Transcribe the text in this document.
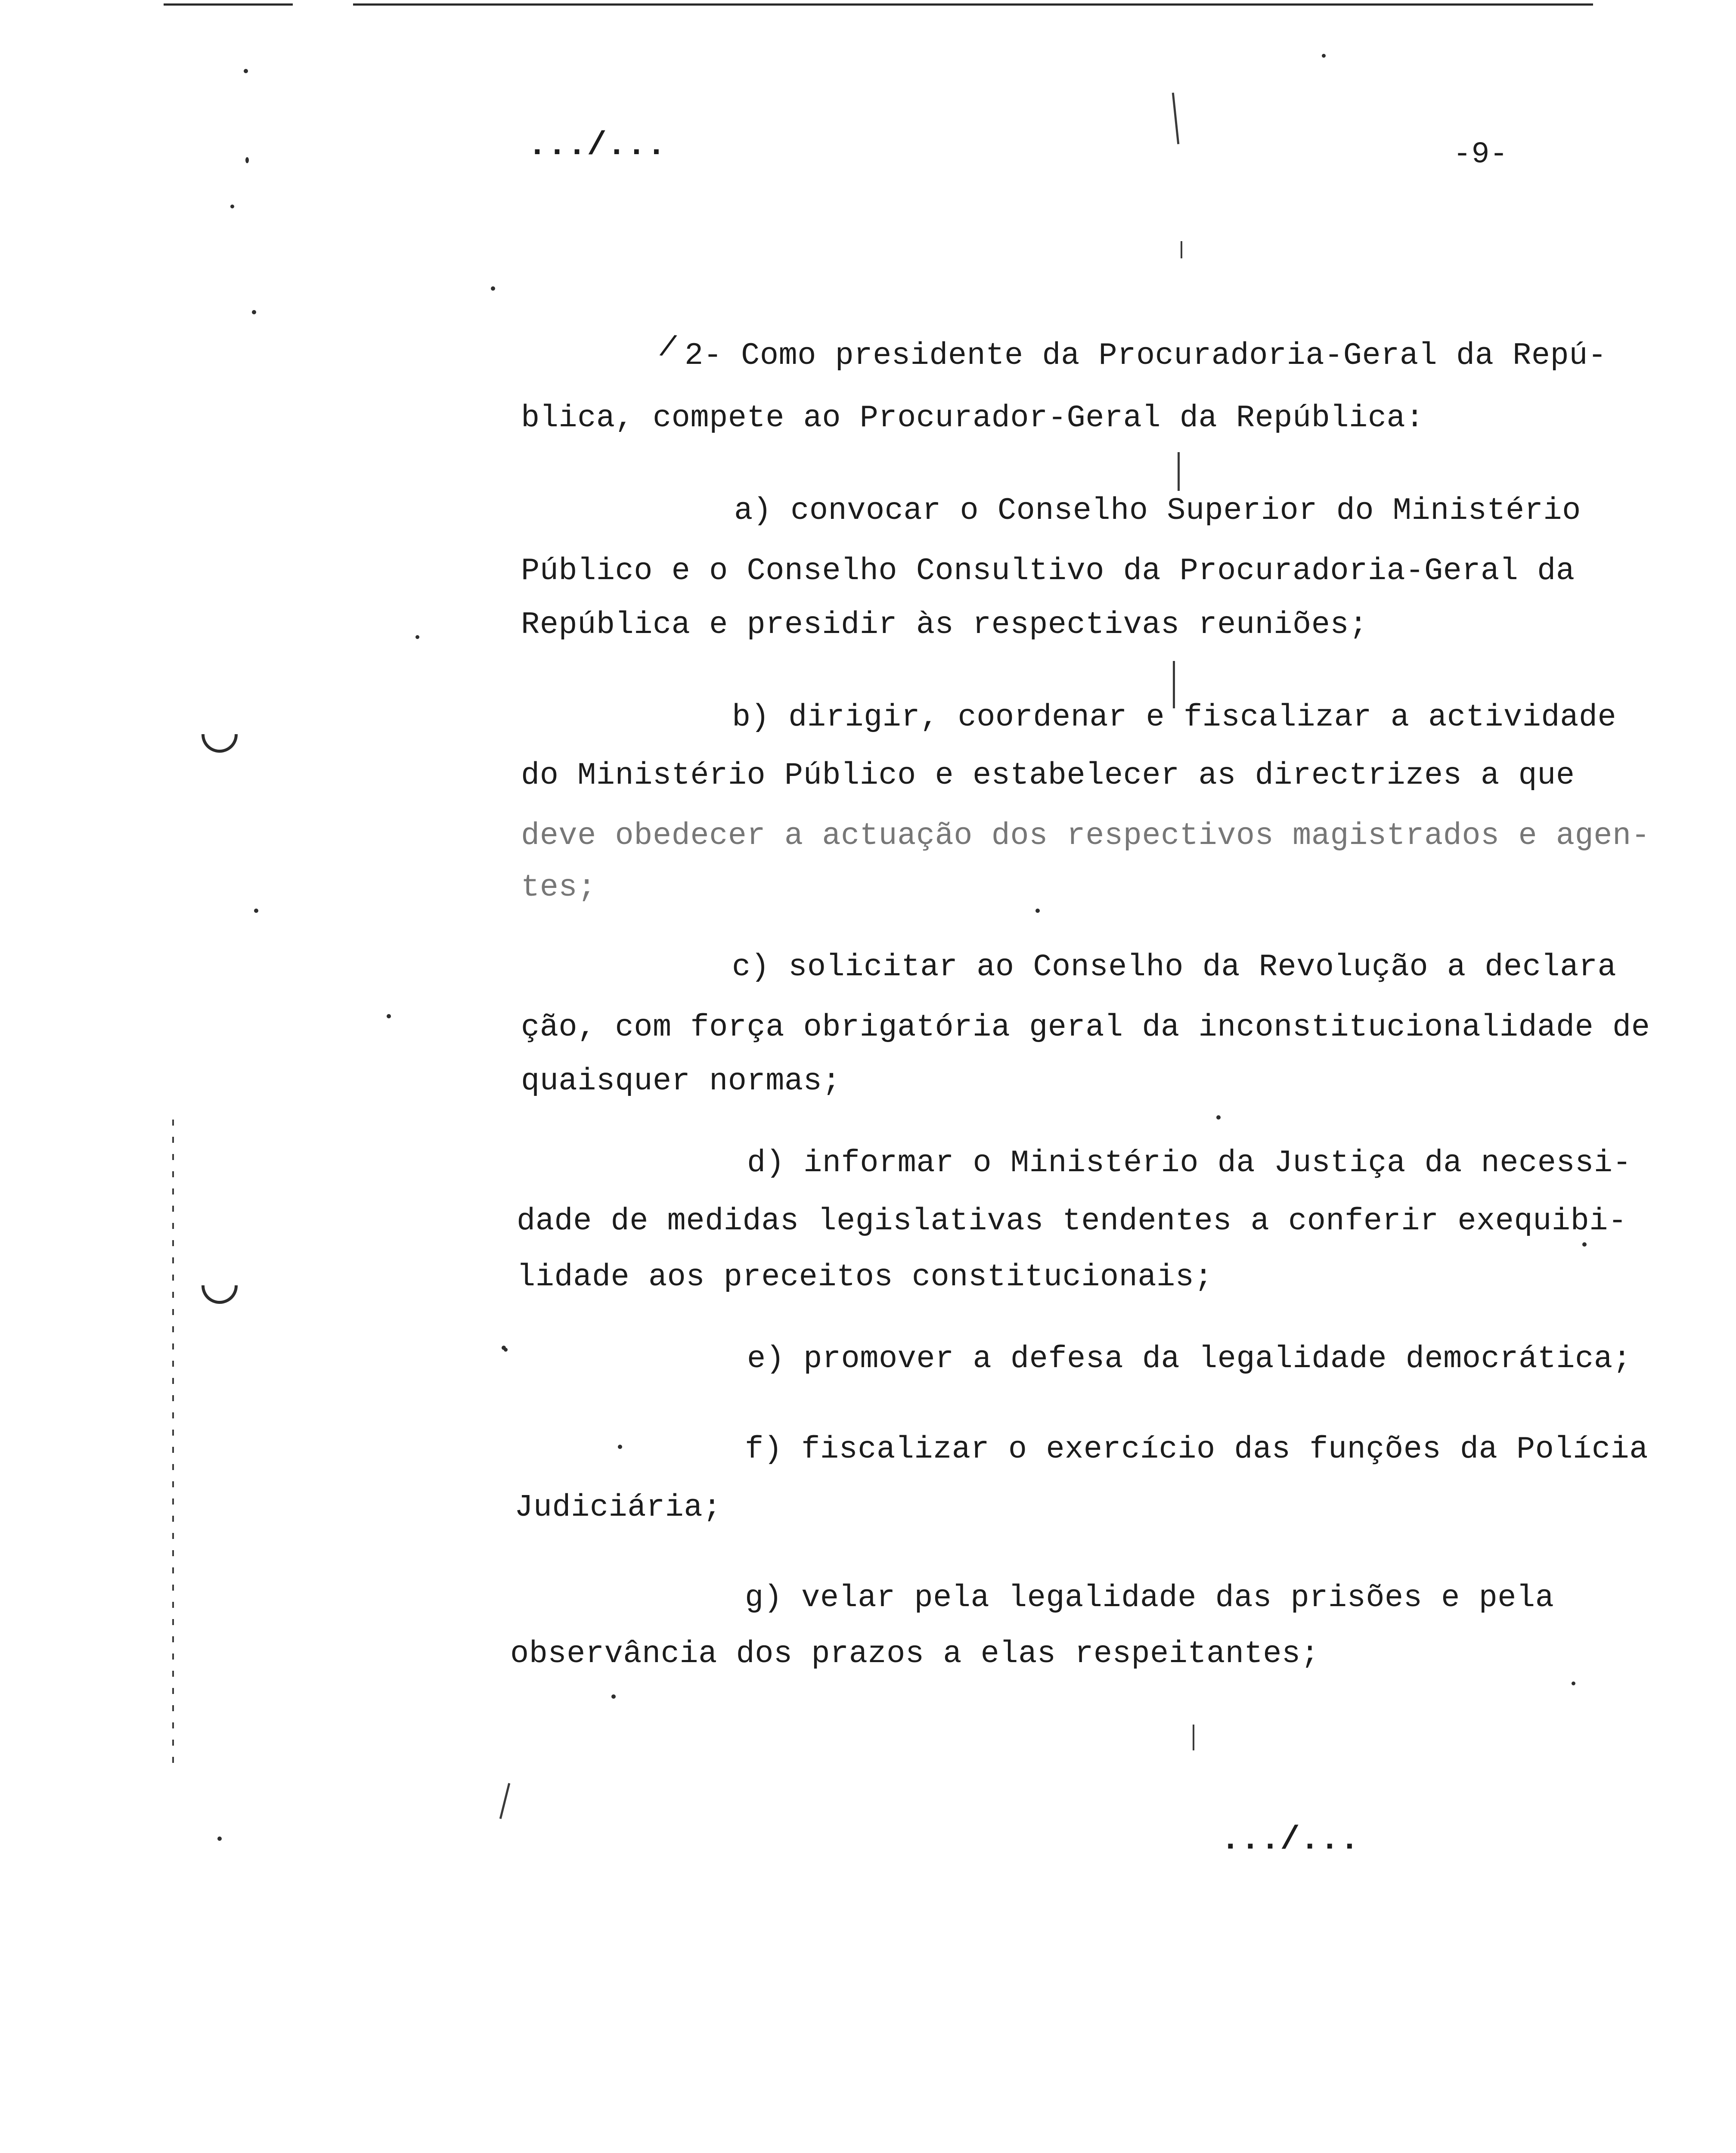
.../...	-9-
/ 2- Como presidente da Procuradoria-Geral da Repú-
blica, compete ao Procurador-Geral da República:
a) convocar o Conselho Superior do Ministério
Público e o Conselho Consultivo da Procuradoria-Geral da
República e presidir às respectivas reuniões;
b) dirigir, coordenar e fiscalizar a actividade
do Ministério Público e estabelecer as directrizes a que
deve obedecer a actuação dos respectivos magistrados e agen-
tes;
c) solicitar ao Conselho da Revolução a declara
ção, com força obrigatória geral da inconstitucionalidade de
quaisquer normas;
d) informar o Ministério da Justiça da necessi-
dade de medidas legislativas tendentes a conferir exequibi-
lidade aos preceitos constitucionais;
e) promover a defesa da legalidade democrática;
f) fiscalizar o exercício das funções da Polícia
Judiciária;
g) velar pela legalidade das prisões e pela
observância dos prazos a elas respeitantes;
.../...
